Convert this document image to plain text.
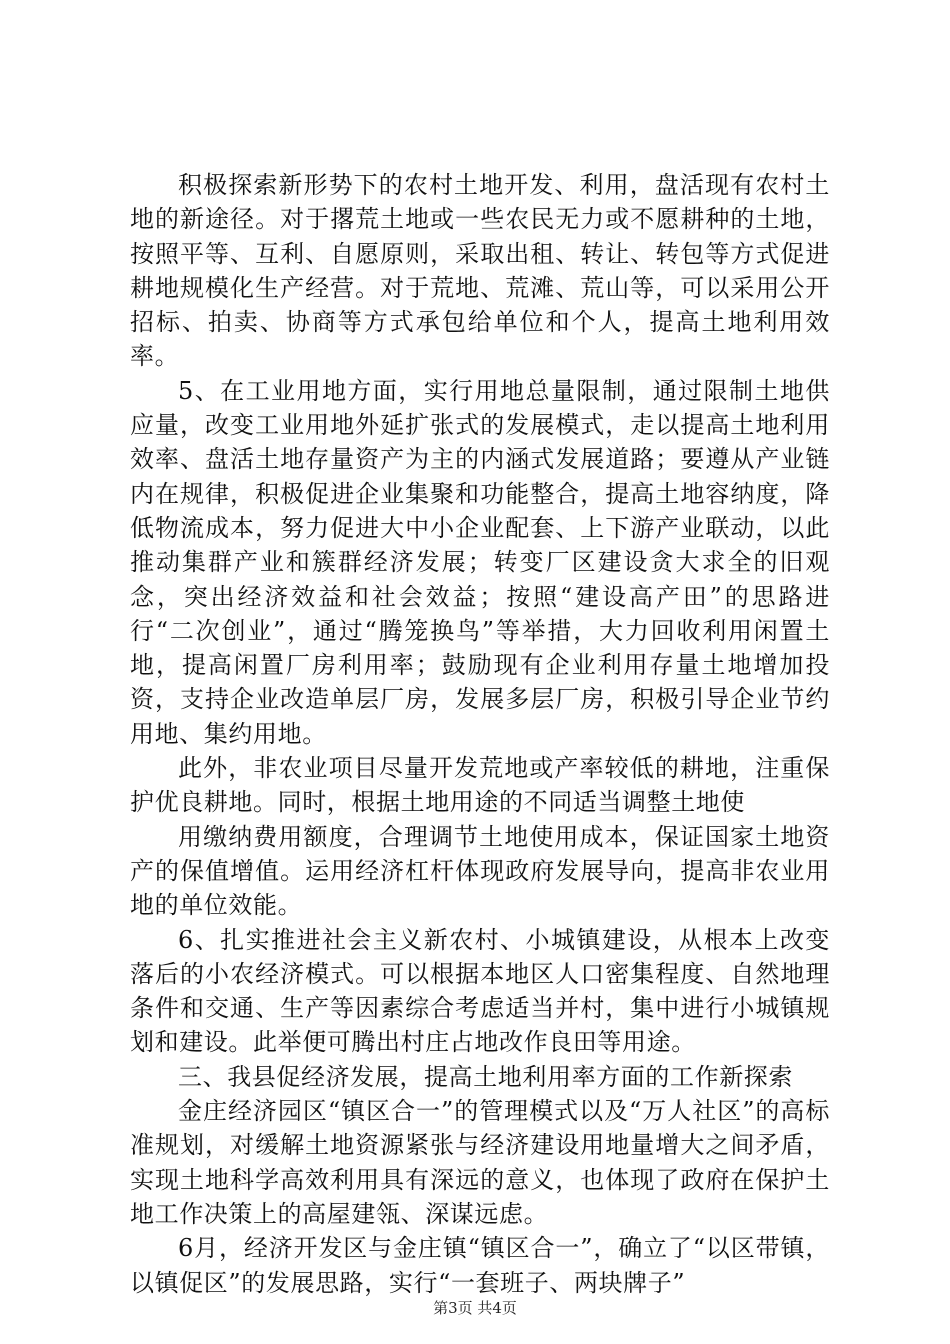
积极探索新形势下的农村土地开发、利用，盘活现有农村土地的新途径。对于撂荒土地或一些农民无力或不愿耕种的土地，按照平等、互利、自愿原则，采取出租、转让、转包等方式促进耕地规模化生产经营。对于荒地、荒滩、荒山等，可以采用公开招标、拍卖、协商等方式承包给单位和个人，提高土地利用效率。

5、在工业用地方面，实行用地总量限制，通过限制土地供应量，改变工业用地外延扩张式的发展模式，走以提高土地利用效率、盘活土地存量资产为主的内涵式发展道路；要遵从产业链内在规律，积极促进企业集聚和功能整合，提高土地容纳度，降低物流成本，努力促进大中小企业配套、上下游产业联动，以此推动集群产业和簇群经济发展；转变厂区建设贪大求全的旧观念，突出经济效益和社会效益；按照“建设高产田”的思路进行“二次创业”，通过“腾笼换鸟”等举措，大力回收利用闲置土地，提高闲置厂房利用率；鼓励现有企业利用存量土地增加投资，支持企业改造单层厂房，发展多层厂房，积极引导企业节约用地、集约用地。

此外，非农业项目尽量开发荒地或产率较低的耕地，注重保护优良耕地。同时，根据土地用途的不同适当调整土地使

用缴纳费用额度，合理调节土地使用成本，保证国家土地资产的保值增值。运用经济杠杆体现政府发展导向，提高非农业用地的单位效能。

6、扎实推进社会主义新农村、小城镇建设，从根本上改变落后的小农经济模式。可以根据本地区人口密集程度、自然地理条件和交通、生产等因素综合考虑适当并村，集中进行小城镇规划和建设。此举便可腾出村庄占地改作良田等用途。

三、我县促经济发展，提高土地利用率方面的工作新探索

金庄经济园区“镇区合一”的管理模式以及“万人社区”的高标准规划，对缓解土地资源紧张与经济建设用地量增大之间矛盾，实现土地科学高效利用具有深远的意义，也体现了政府在保护土地工作决策上的高屋建瓴、深谋远虑。

6月，经济开发区与金庄镇“镇区合一”，确立了“以区带镇，以镇促区”的发展思路，实行“一套班子、两块牌子”

第3页 共4页
